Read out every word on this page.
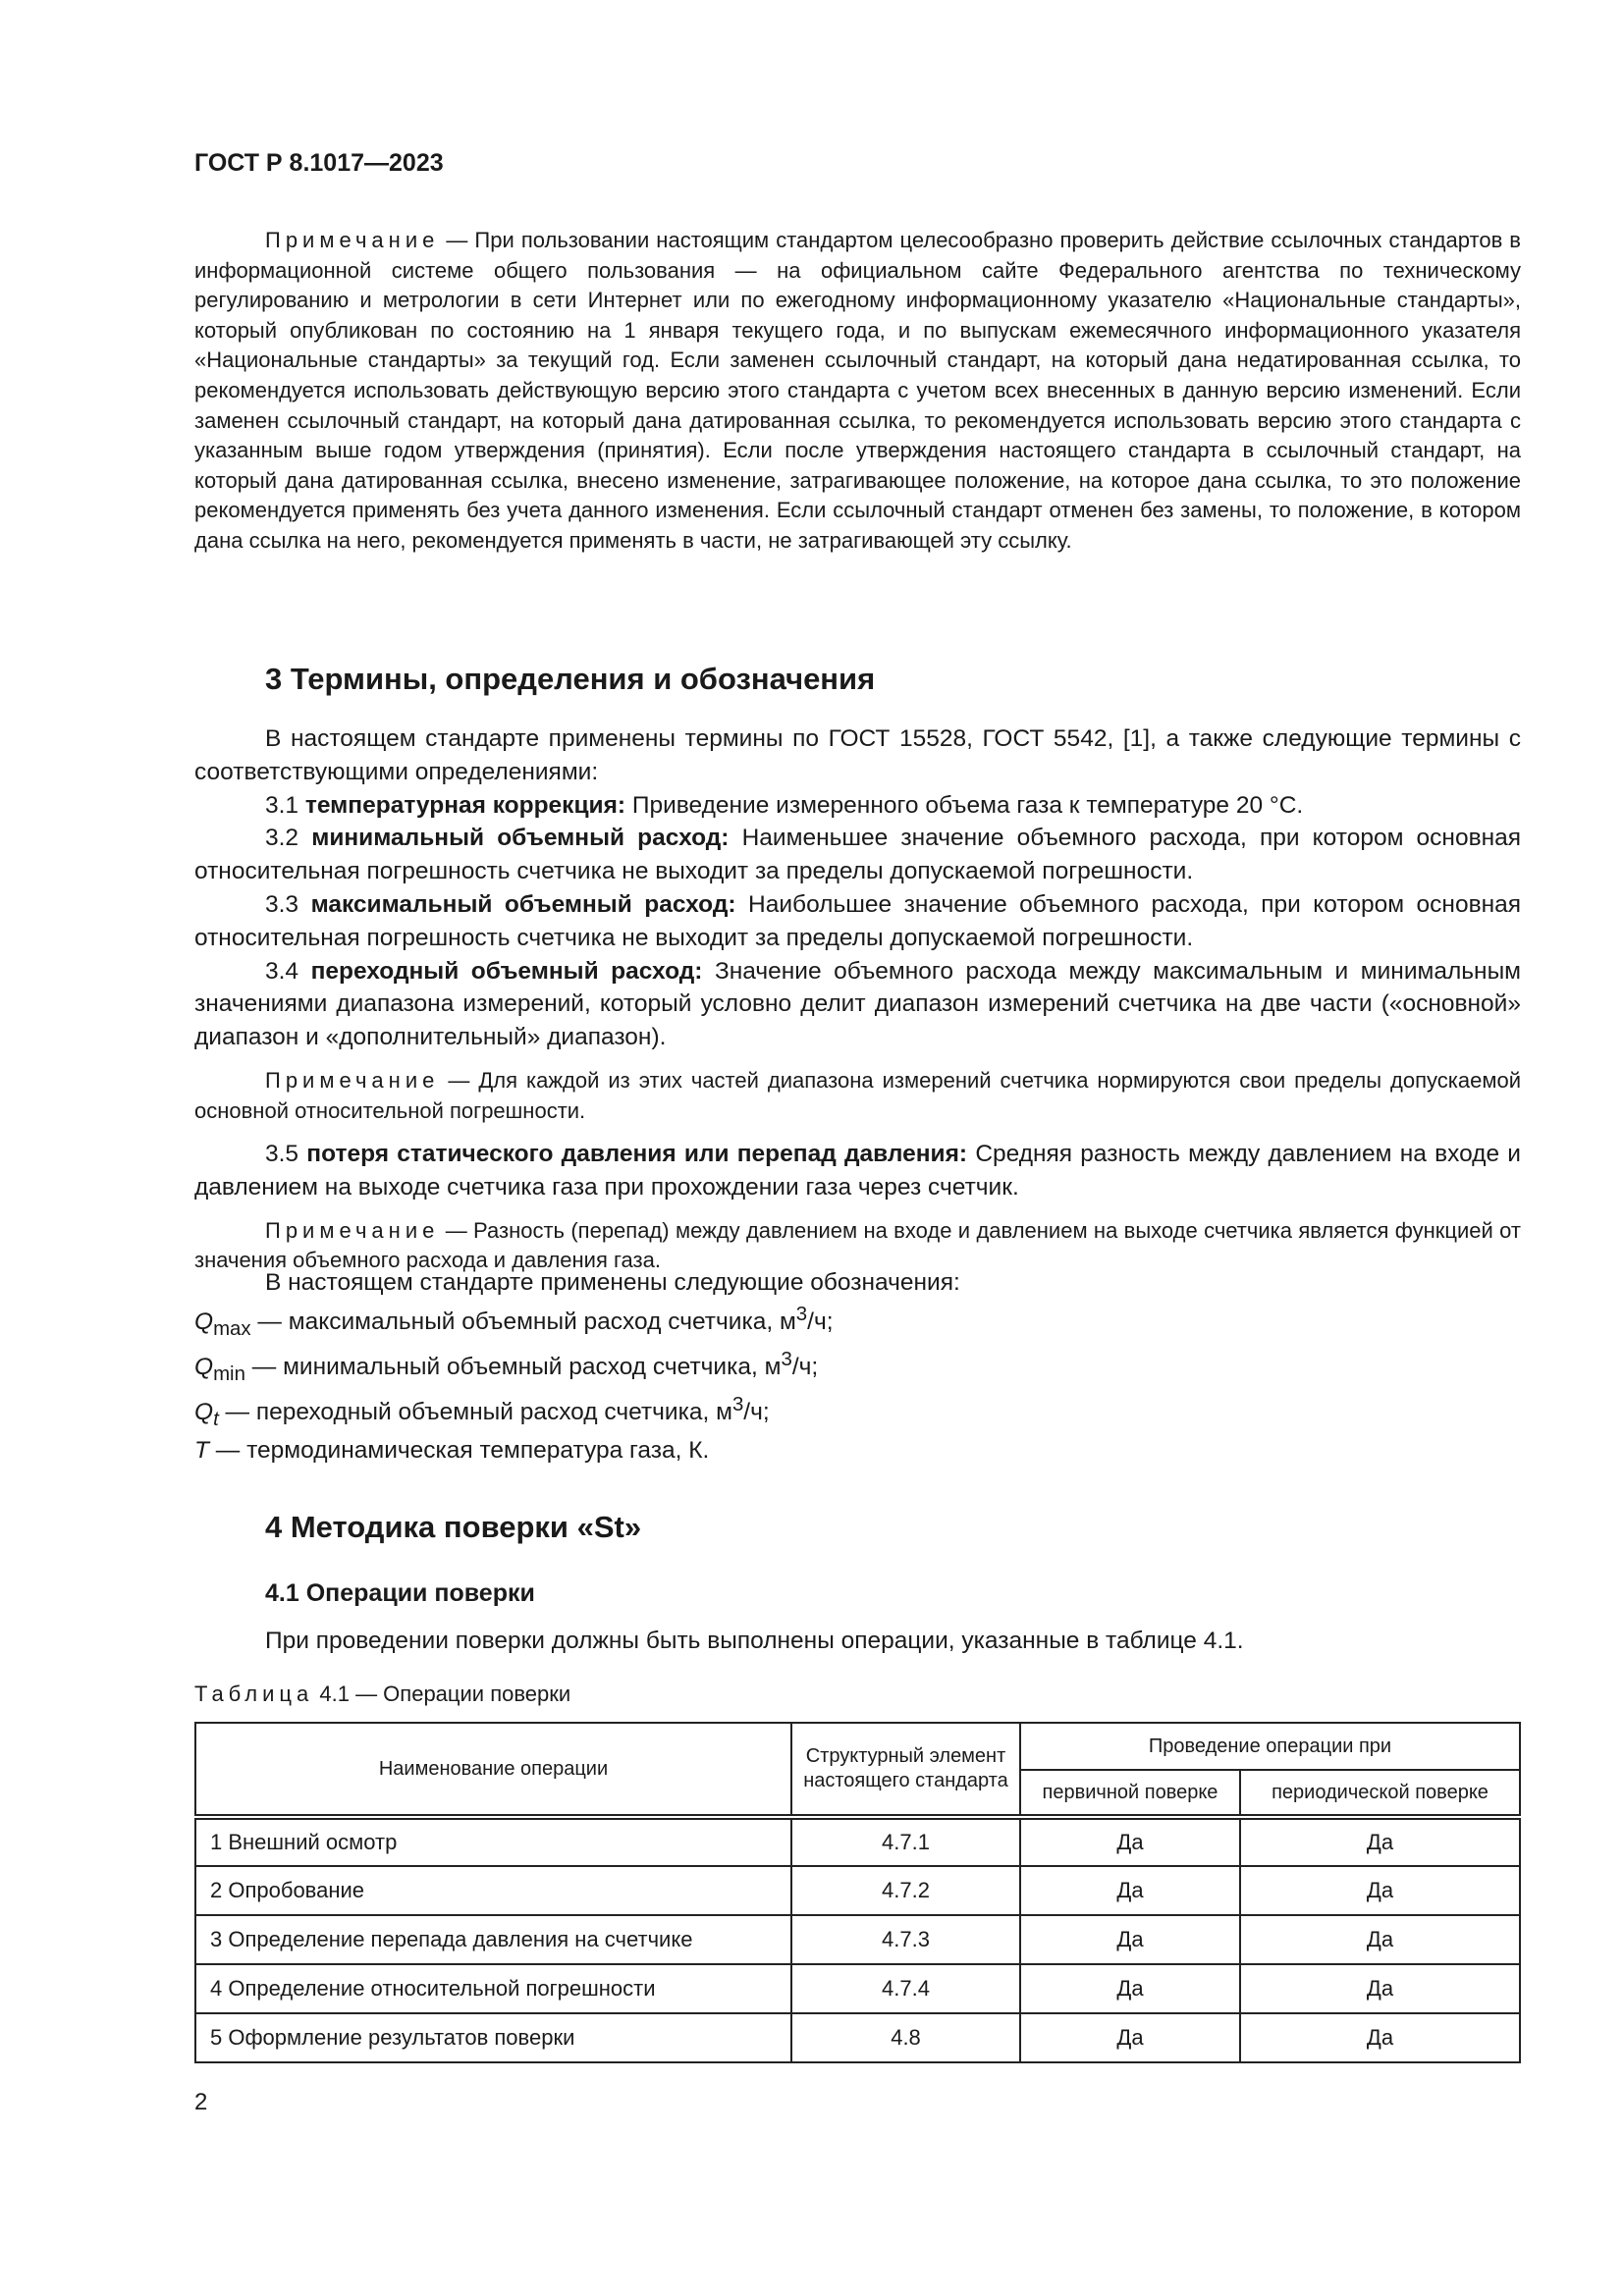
ГОСТ Р 8.1017—2023
Примечание — При пользовании настоящим стандартом целесообразно проверить действие ссылочных стандартов в информационной системе общего пользования — на официальном сайте Федерального агентства по техническому регулированию и метрологии в сети Интернет или по ежегодному информационному указателю «Национальные стандарты», который опубликован по состоянию на 1 января текущего года, и по выпускам ежемесячного информационного указателя «Национальные стандарты» за текущий год. Если заменен ссылочный стандарт, на который дана недатированная ссылка, то рекомендуется использовать действующую версию этого стандарта с учетом всех внесенных в данную версию изменений. Если заменен ссылочный стандарт, на который дана датированная ссылка, то рекомендуется использовать версию этого стандарта с указанным выше годом утверждения (принятия). Если после утверждения настоящего стандарта в ссылочный стандарт, на который дана датированная ссылка, внесено изменение, затрагивающее положение, на которое дана ссылка, то это положение рекомендуется применять без учета данного изменения. Если ссылочный стандарт отменен без замены, то положение, в котором дана ссылка на него, рекомендуется применять в части, не затрагивающей эту ссылку.
3 Термины, определения и обозначения

В настоящем стандарте применены термины по ГОСТ 15528, ГОСТ 5542, [1], а также следующие термины с соответствующими определениями:

3.1 температурная коррекция: Приведение измеренного объема газа к температуре 20 °С.

3.2 минимальный объемный расход: Наименьшее значение объемного расхода, при котором основная относительная погрешность счетчика не выходит за пределы допускаемой погрешности.

3.3 максимальный объемный расход: Наибольшее значение объемного расхода, при котором основная относительная погрешность счетчика не выходит за пределы допускаемой погрешности.

3.4 переходный объемный расход: Значение объемного расхода между максимальным и минимальным значениями диапазона измерений, который условно делит диапазон измерений счетчика на две части («основной» диапазон и «дополнительный» диапазон).

Примечание — Для каждой из этих частей диапазона измерений счетчика нормируются свои пределы допускаемой основной относительной погрешности.

3.5 потеря статического давления или перепад давления: Средняя разность между давлением на входе и давлением на выходе счетчика газа при прохождении газа через счетчик.

Примечание — Разность (перепад) между давлением на входе и давлением на выходе счетчика является функцией от значения объемного расхода и давления газа.

В настоящем стандарте применены следующие обозначения:

$Q_{max}$ — максимальный объемный расход счетчика, $м^3/ч$;

$Q_{min}$ — минимальный объемный расход счетчика, $м^3/ч$;

$Q_t$ — переходный объемный расход счетчика, $м^3/ч$;

T — термодинамическая температура газа, К.

4 Методика поверки «St»
4.1 Операции поверки
При проведении поверки должны быть выполнены операции, указанные в таблице 4.1.
Таблица 4.1 — Операции поверки
Наименование операции	Структурный элемент настоящего стандарта	Проведение операции при	
		первичной поверке	периодической поверке
1 Внешний осмотр	4.7.1	Да	Да
2 Опробование	4.7.2	Да	Да
3 Определение перепада давления на счетчике	4.7.3	Да	Да
4 Определение относительной погрешности	4.7.4	Да	Да
5 Оформление результатов поверки	4.8	Да	Да
2
